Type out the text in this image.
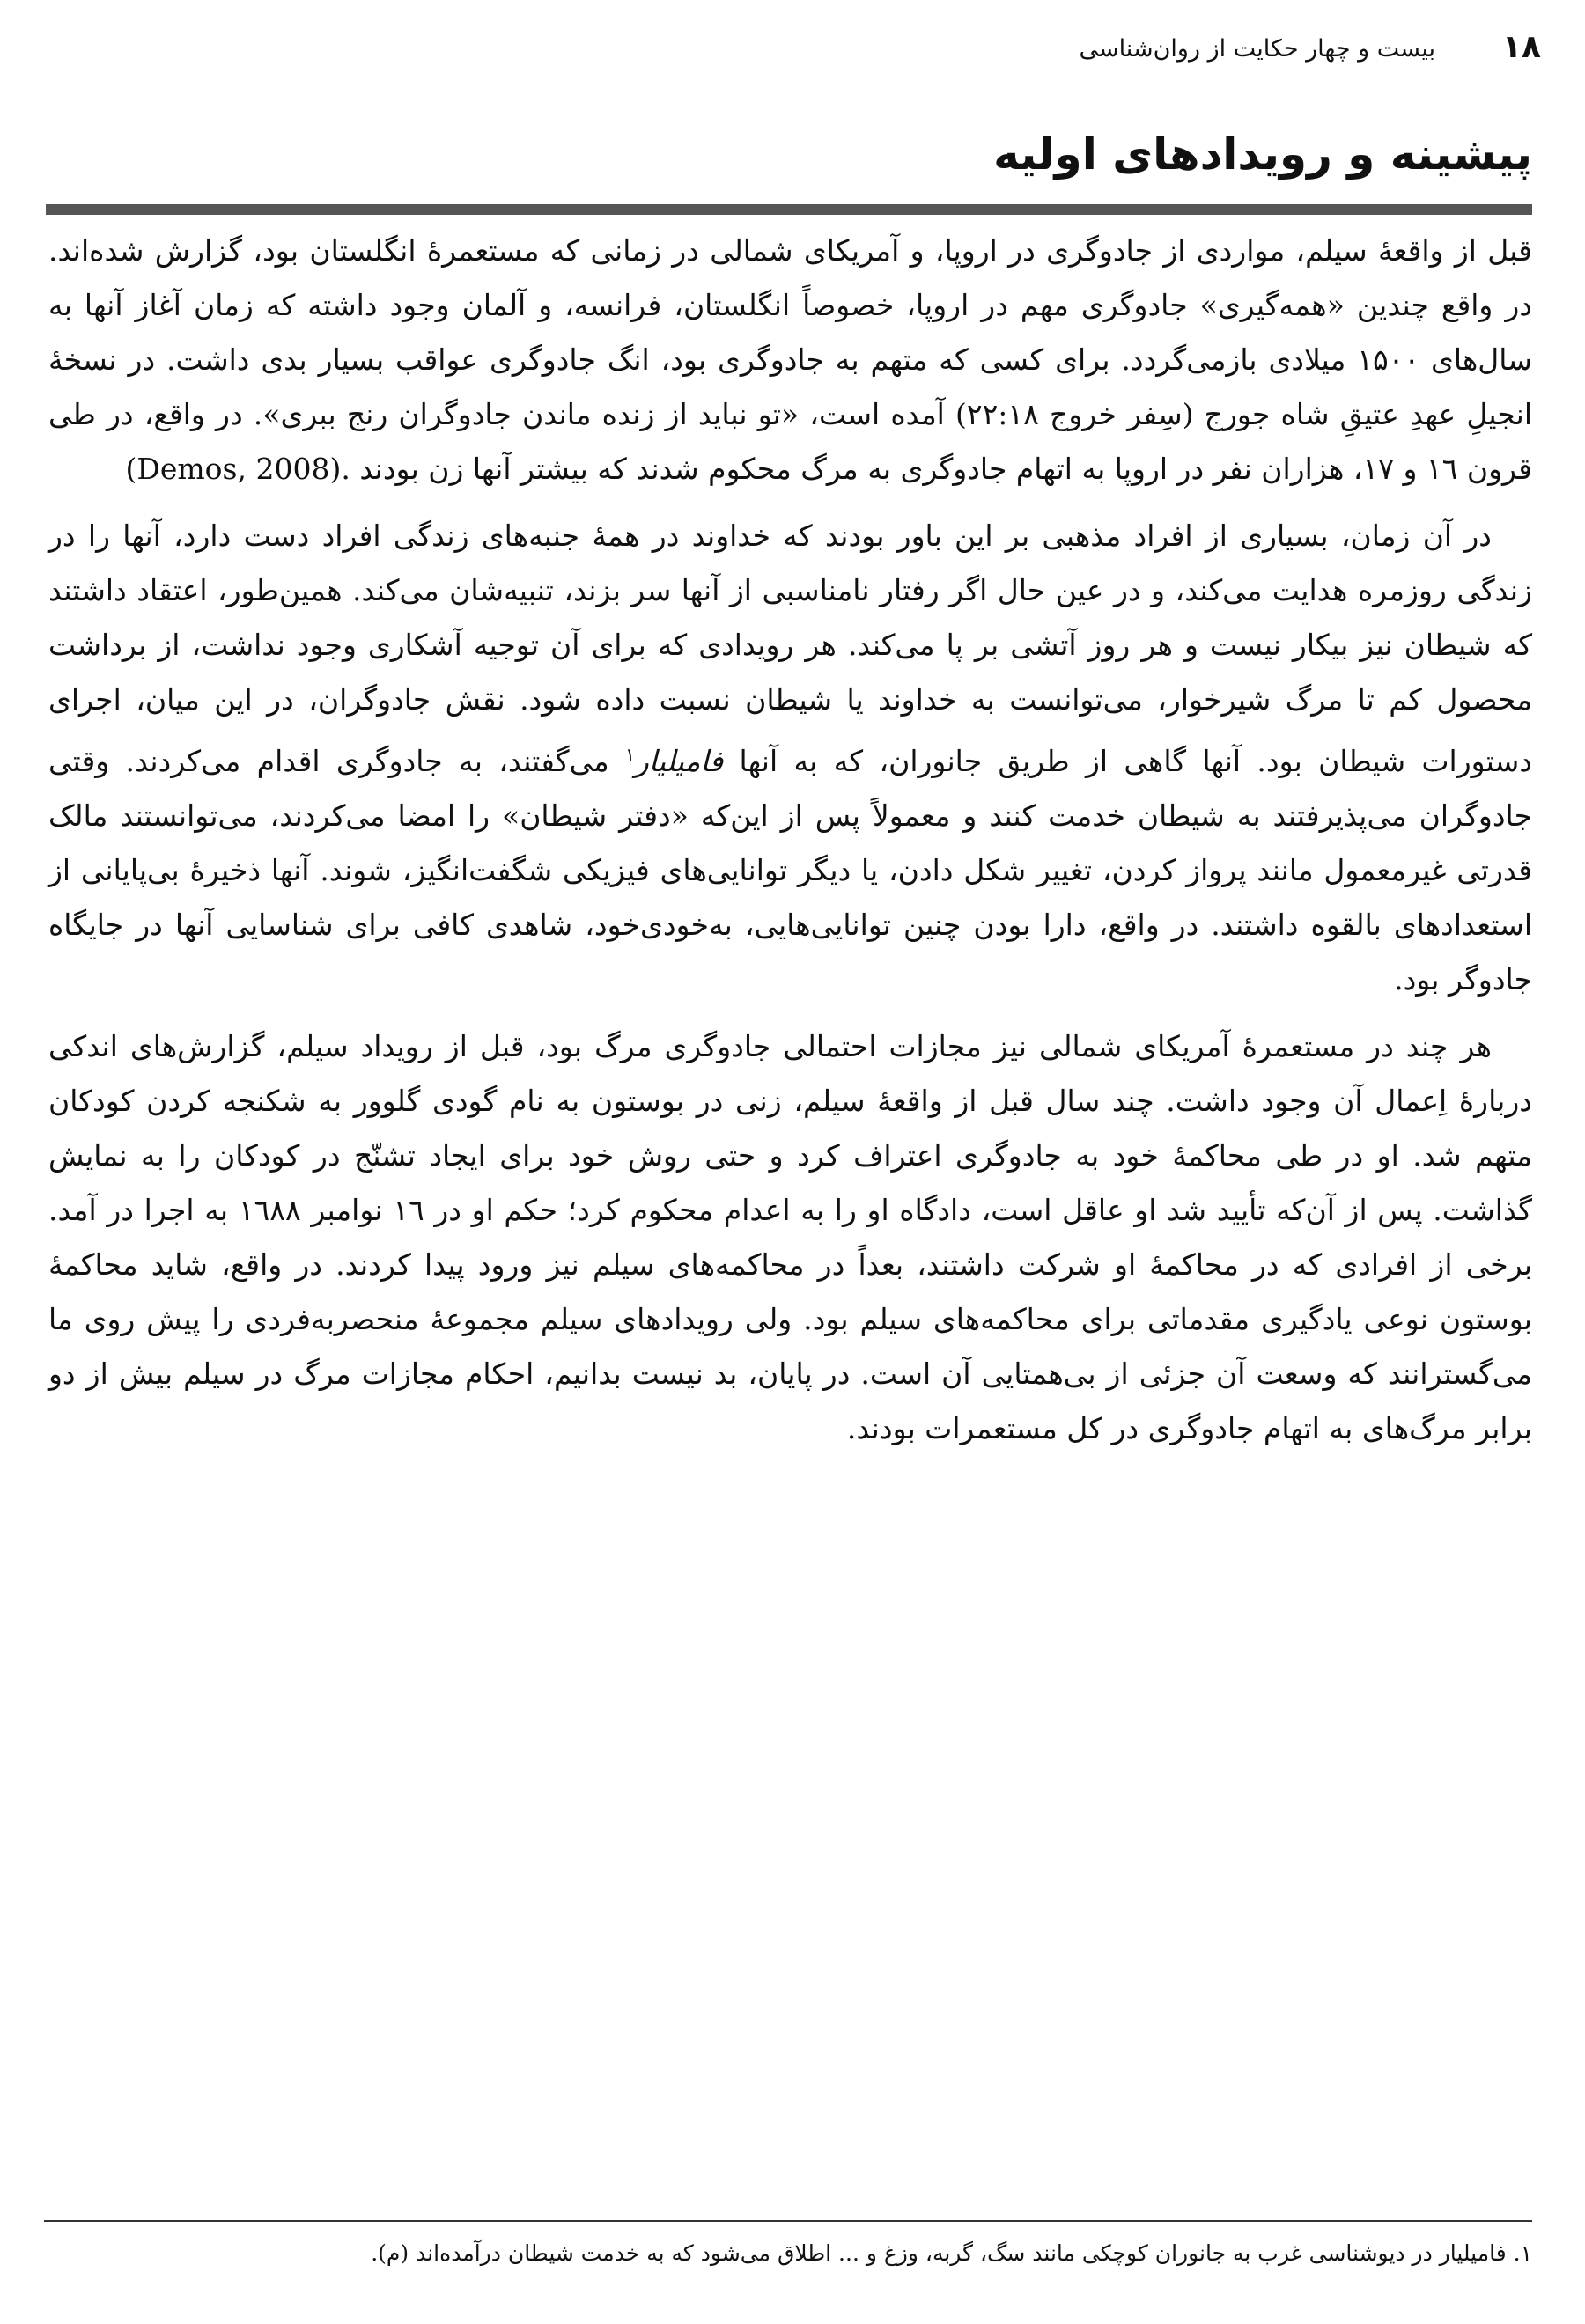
۱۸
بیست و چهار حکایت از روان‌شناسی
پیشینه و رویدادهای اولیه

قبل از واقعهٔ سیلم، مواردی از جادوگری در اروپا، و آمریکای شمالی در زمانی که مستعمرهٔ انگلستان بود، گزارش شده‌اند. در واقع چندین «همه‌گیری» جادوگری مهم در اروپا، خصوصاً انگلستان، فرانسه، و آلمان وجود داشته که زمان آغاز آنها به سال‌های ۱۵۰۰ میلادی بازمی‌گردد. برای کسی که متهم به جادوگری بود، انگ جادوگری عواقب بسیار بدی داشت. در نسخهٔ انجیلِ عهدِ عتیقِ شاه جورج (سِفر خروج ۲۲:۱۸) آمده است، «تو نباید از زنده ماندن جادوگران رنج ببری». در واقع، در طی قرون ۱٦ و ۱۷، هزاران نفر در اروپا به اتهام جادوگری به مرگ محکوم شدند که بیشتر آنها زن بودند (Demos, 2008).

در آن زمان، بسیاری از افراد مذهبی بر این باور بودند که خداوند در همهٔ جنبه‌های زندگی افراد دست دارد، آنها را در زندگی روزمره هدایت می‌کند، و در عین حال اگر رفتار نامناسبی از آنها سر بزند، تنبیه‌شان می‌کند. همین‌طور، اعتقاد داشتند که شیطان نیز بیکار نیست و هر روز آتشی بر پا می‌کند. هر رویدادی که برای آن توجیه آشکاری وجود نداشت، از برداشت محصول کم تا مرگ شیرخوار، می‌توانست به خداوند یا شیطان نسبت داده شود. نقش جادوگران، در این میان، اجرای دستورات شیطان بود. آنها گاهی از طریق جانوران، که به آنها فامیلیار$^۱$ می‌گفتند، به جادوگری اقدام می‌کردند. وقتی جادوگران می‌پذیرفتند به شیطان خدمت کنند و معمولاً پس از این‌که «دفتر شیطان» را امضا می‌کردند، می‌توانستند مالک قدرتی غیرمعمول مانند پرواز کردن، تغییر شکل دادن، یا دیگر توانایی‌های فیزیکی شگفت‌انگیز، شوند. آنها ذخیرهٔ بی‌پایانی از استعدادهای بالقوه داشتند. در واقع، دارا بودن چنین توانایی‌هایی، به‌خودی‌خود، شاهدی کافی برای شناسایی آنها در جایگاه جادوگر بود.

هر چند در مستعمرهٔ آمریکای شمالی نیز مجازات احتمالی جادوگری مرگ بود، قبل از رویداد سیلم، گزارش‌های اندکی دربارهٔ اِعمال آن وجود داشت. چند سال قبل از واقعهٔ سیلم، زنی در بوستون به نام گودی گلوور به شکنجه کردن کودکان متهم شد. او در طی محاکمهٔ خود به جادوگری اعتراف کرد و حتی روش خود برای ایجاد تشنّج در کودکان را به نمایش گذاشت. پس از آن‌که تأیید شد او عاقل است، دادگاه او را به اعدام محکوم کرد؛ حکم او در ۱٦ نوامبر ۱٦۸۸ به اجرا در آمد. برخی از افرادی که در محاکمهٔ او شرکت داشتند، بعداً در محاکمه‌های سیلم نیز ورود پیدا کردند. در واقع، شاید محاکمهٔ بوستون نوعی یادگیری مقدماتی برای محاکمه‌های سیلم بود. ولی رویدادهای سیلم مجموعهٔ منحصربه‌فردی را پیش روی ما می‌گسترانند که وسعت آن جزئی از بی‌همتایی آن است. در پایان، بد نیست بدانیم، احکام مجازات مرگ در سیلم بیش از دو برابر مرگ‌های به اتهام جادوگری در کل مستعمرات بودند.

۱. فامیلیار در دیوشناسی غرب به جانوران کوچکی مانند سگ، گربه، وزغ و ... اطلاق می‌شود که به خدمت شیطان درآمده‌اند (م).
